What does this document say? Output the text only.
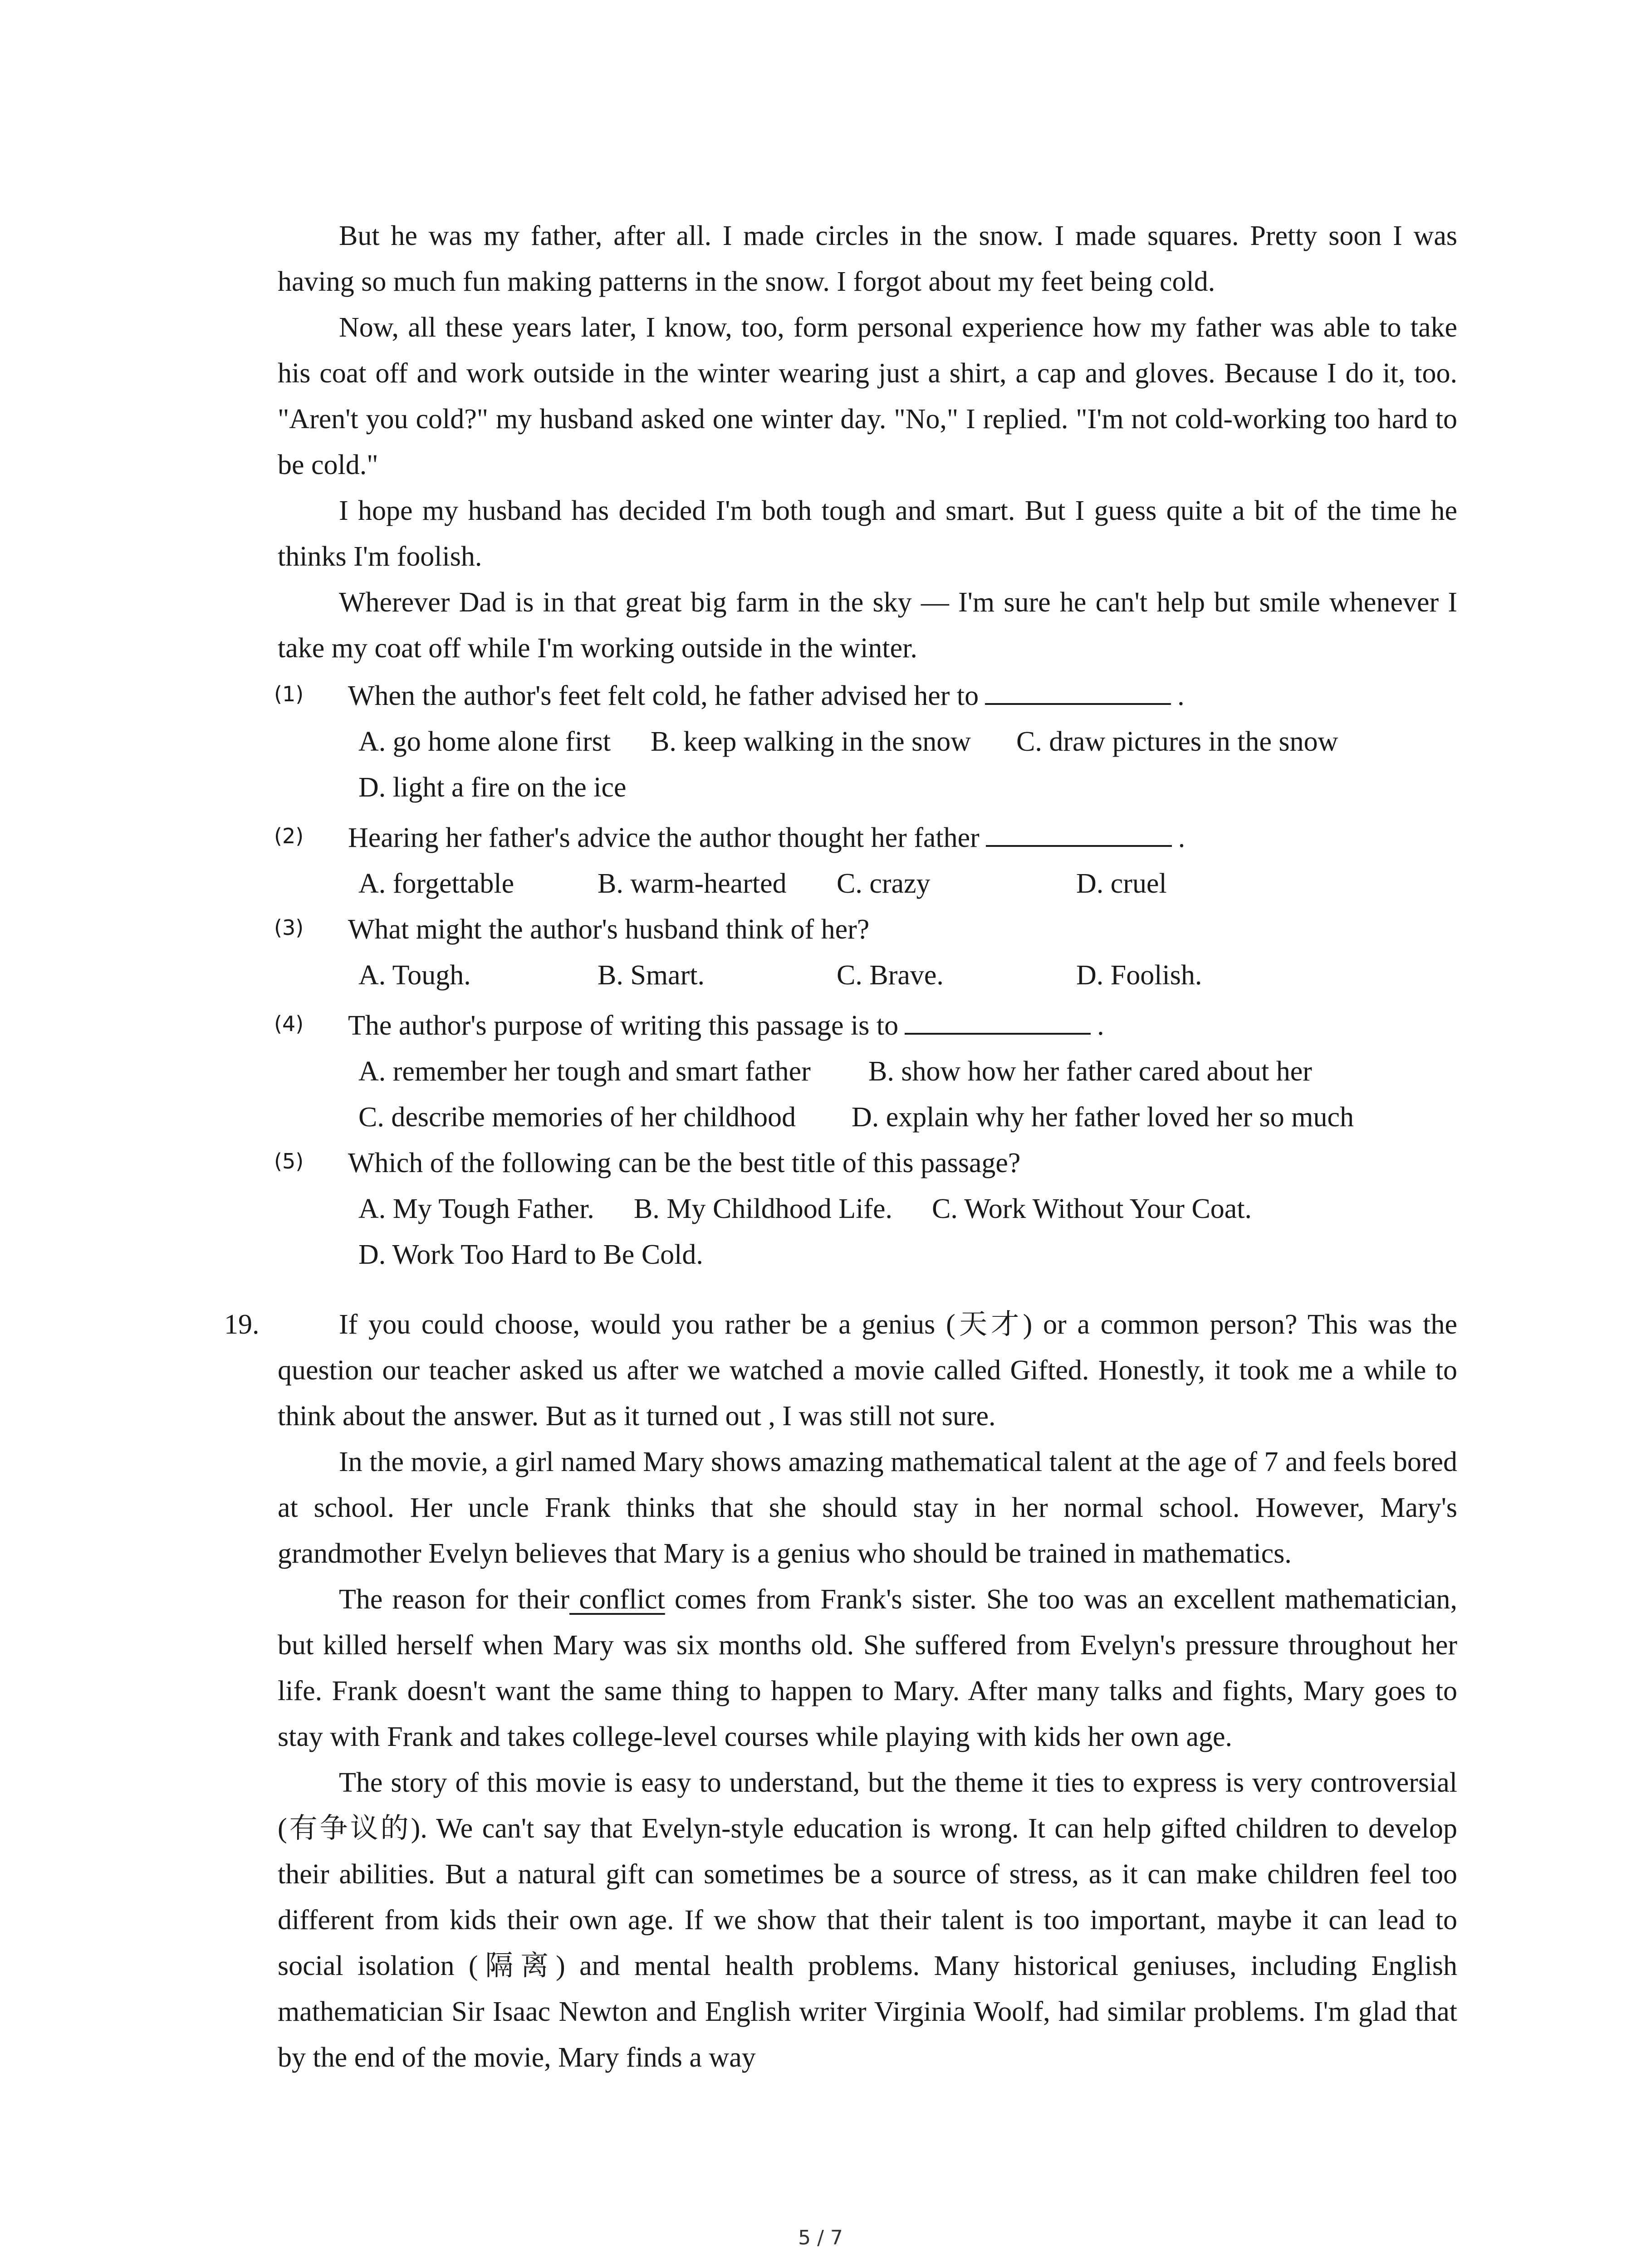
But he was my father, after all. I made circles in the snow. I made squares. Pretty soon I was having so much fun making patterns in the snow. I forgot about my feet being cold.

Now, all these years later, I know, too, form personal experience how my father was able to take his coat off and work outside in the winter wearing just a shirt, a cap and gloves. Because I do it, too. "Aren't you cold?" my husband asked one winter day. "No," I replied. "I'm not cold-working too hard to be cold."

I hope my husband has decided I'm both tough and smart. But I guess quite a bit of the time he thinks I'm foolish.

Wherever Dad is in that great big farm in the sky — I'm sure he can't help but smile whenever I take my coat off while I'm working outside in the winter.

(1) When the author's feet felt cold, he father advised her to	.
A. go home alone first B. keep walking in the snow C. draw pictures in the snow
D. light a fire on the ice
(2) Hearing her father's advice the author thought her father	.
A. forgettable	B. warm-hearted C. crazy	D. cruel
(3) What might the author's husband think of her?
A. Tough.	B. Smart.	C. Brave.	D. Foolish.
(4) The author's purpose of writing this passage is to	.
A. remember her tough and smart father B. show how her father cared about her
C. describe memories of her childhood D. explain why her father loved her so much
(5) Which of the following can be the best title of this passage?
A. My Tough Father. B. My Childhood Life. C. Work Without Your Coat.
D. Work Too Hard to Be Cold.
19.	If you could choose, would you rather be a genius (天才) or a common person? This was the question our teacher asked us after we watched a movie called Gifted. Honestly, it took me a while to think about the answer. But as it turned out , I was still not sure.

In the movie, a girl named Mary shows amazing mathematical talent at the age of 7 and feels bored at school. Her uncle Frank thinks that she should stay in her normal school. However, Mary's grandmother Evelyn believes that Mary is a genius who should be trained in mathematics.

The reason for their conflict comes from Frank's sister. She too was an excellent mathematician, but killed herself when Mary was six months old. She suffered from Evelyn's pressure throughout her life. Frank doesn't want the same thing to happen to Mary. After many talks and fights, Mary goes to stay with Frank and takes college-level courses while playing with kids her own age.

The story of this movie is easy to understand, but the theme it ties to express is very controversial (有争议的). We can't say that Evelyn-style education is wrong. It can help gifted children to develop their abilities. But a natural gift can sometimes be a source of stress, as it can make children feel too different from kids their own age. If we show that their talent is too important, maybe it can lead to social isolation (隔离) and mental health problems. Many historical geniuses, including English mathematician Sir Isaac Newton and English writer Virginia Woolf, had similar problems. I'm glad that by the end of the movie, Mary finds a way

5 / 7
